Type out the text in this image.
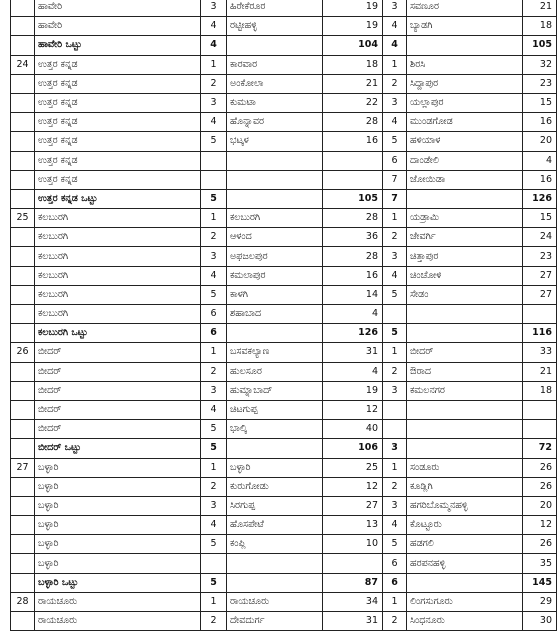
	ಹಾವೇರಿ	3	ಹಿರೇಕೆರೂರ	19	3	ಸವಣೂರ	21
	ಹಾವೇರಿ	4	ರಟ್ಟೀಹಳ್ಳಿ	19	4	ಬ್ಯಾಡಗಿ	18
	ಹಾವೇರಿ ಒಟ್ಟು	4		104	4		105
24	ಉತ್ತರ ಕನ್ನಡ	1	ಕಾರವಾರ	18	1	ಶಿರಸಿ	32
	ಉತ್ತರ ಕನ್ನಡ	2	ಅಂಕೋಲಾ	21	2	ಸಿದ್ದಾಪುರ	23
	ಉತ್ತರ ಕನ್ನಡ	3	ಕುಮಟಾ	22	3	ಯಲ್ಲಾಪುರ	15
	ಉತ್ತರ ಕನ್ನಡ	4	ಹೊನ್ನಾವರ	28	4	ಮುಂಡಗೋಡ	16
	ಉತ್ತರ ಕನ್ನಡ	5	ಭಟ್ಕಳ	16	5	ಹಳಿಯಾಳ	20
	ಉತ್ತರ ಕನ್ನಡ				6	ದಾಂಡೇಲಿ	4
	ಉತ್ತರ ಕನ್ನಡ				7	ಜೋಯಿಡಾ	16
	ಉತ್ತರ ಕನ್ನಡ ಒಟ್ಟು	5		105	7		126
25	ಕಲಬುರಗಿ	1	ಕಲಬುರಗಿ	28	1	ಯಡ್ರಾಮಿ	15
	ಕಲಬುರಗಿ	2	ಆಳಂದ	36	2	ಜೇವರ್ಗಿ	24
	ಕಲಬುರಗಿ	3	ಅಫಜಲಪುರ	28	3	ಚಿತ್ತಾಪುರ	23
	ಕಲಬುರಗಿ	4	ಕಮಲಾಪುರ	16	4	ಚಿಂಚೋಳಿ	27
	ಕಲಬುರಗಿ	5	ಕಾಳಗಿ	14	5	ಸೇಡಂ	27
	ಕಲಬುರಗಿ	6	ಶಹಾಬಾದ	4			
	ಕಲಬುರಗಿ ಒಟ್ಟು	6		126	5		116
26	ಬೀದರ್	1	ಬಸವಕಲ್ಯಾಣ	31	1	ಬೀದರ್	33
	ಬೀದರ್	2	ಹುಲಸೂರ	4	2	ಔರಾದ	21
	ಬೀದರ್	3	ಹುಮ್ನಾಬಾದ್	19	3	ಕಮಲನಗರ	18
	ಬೀದರ್	4	ಚಿಟಗುಪ್ಪ	12			
	ಬೀದರ್	5	ಭಾಲ್ಕಿ	40			
	ಬೀದರ್ ಒಟ್ಟು	5		106	3		72
27	ಬಳ್ಳಾರಿ	1	ಬಳ್ಳಾರಿ	25	1	ಸಂಡೂರು	26
	ಬಳ್ಳಾರಿ	2	ಕುರುಗೋಡು	12	2	ಕೂಡ್ಲಿಗಿ	26
	ಬಳ್ಳಾರಿ	3	ಸಿರಗುಪ್ಪ	27	3	ಹಗರಿಬೊಮ್ಮನಹಳ್ಳಿ	20
	ಬಳ್ಳಾರಿ	4	ಹೊಸಪೇಟೆ	13	4	ಕೊಟ್ಟೂರು	12
	ಬಳ್ಳಾರಿ	5	ಕಂಪ್ಲಿ	10	5	ಹಡಗಲಿ	26
	ಬಳ್ಳಾರಿ				6	ಹರಪನಹಳ್ಳಿ	35
	ಬಳ್ಳಾರಿ ಒಟ್ಟು	5		87	6		145
28	ರಾಯಚೂರು	1	ರಾಯಚೂರು	34	1	ಲಿಂಗಸುಗೂರು	29
	ರಾಯಚೂರು	2	ದೇವದುರ್ಗ	31	2	ಸಿಂಧನೂರು	30
